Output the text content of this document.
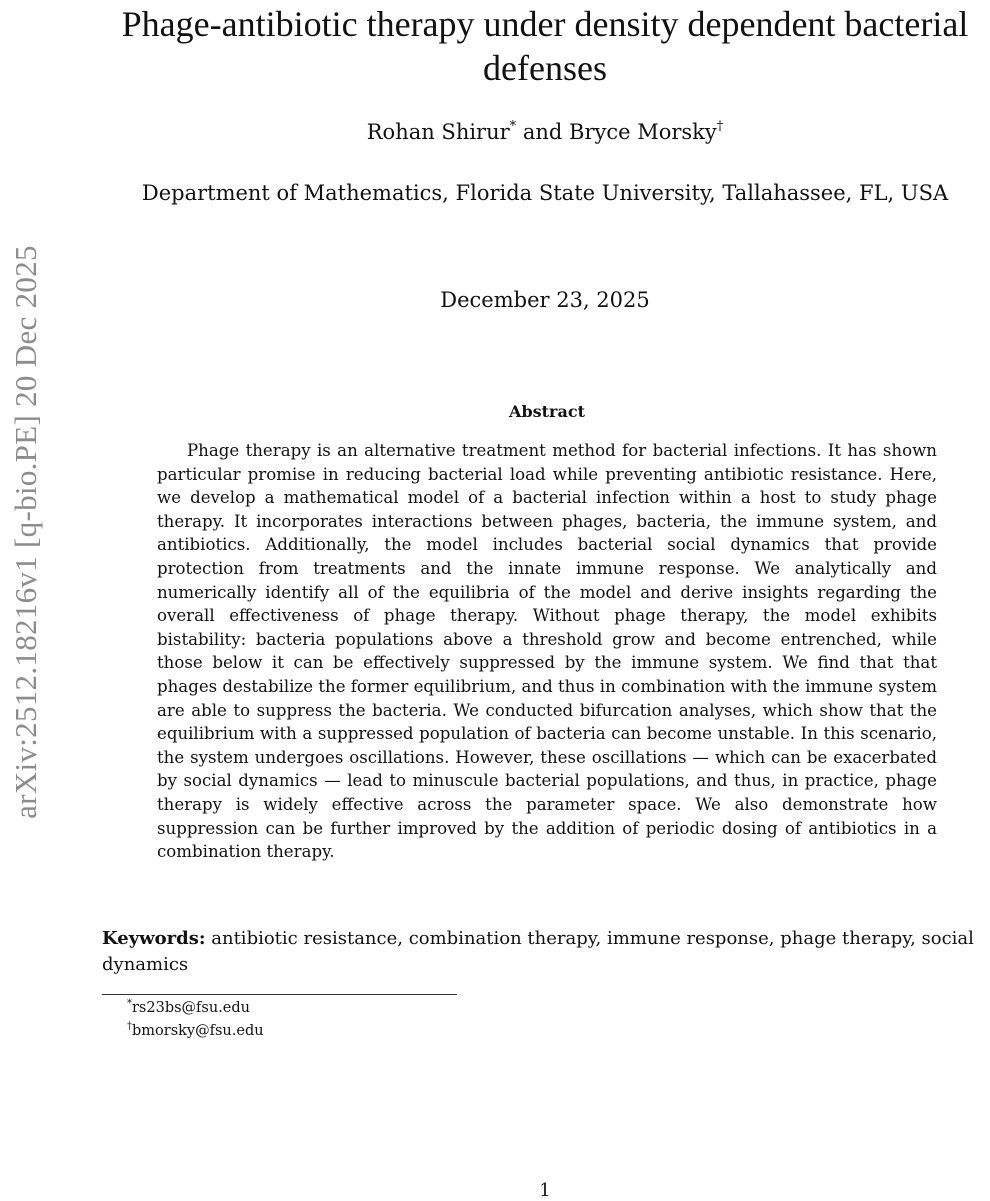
arXiv:2512.18216v1 [q-bio.PE] 20 Dec 2025
Phage-antibiotic therapy under density dependent bacterial defenses
Rohan Shirur* and Bryce Morsky†
Department of Mathematics, Florida State University, Tallahassee, FL, USA
December 23, 2025
Abstract

Phage therapy is an alternative treatment method for bacterial infections. It has shown particular promise in reducing bacterial load while preventing antibiotic resistance. Here, we develop a mathematical model of a bacterial infection within a host to study phage therapy. It incorporates interactions between phages, bacteria, the immune system, and antibiotics. Additionally, the model includes bacterial social dynamics that provide protection from treatments and the innate immune response. We analytically and numerically identify all of the equilibria of the model and derive insights regarding the overall effectiveness of phage therapy. Without phage therapy, the model exhibits bistability: bacteria populations above a threshold grow and become entrenched, while those below it can be effectively suppressed by the immune system. We find that that phages destabilize the former equilibrium, and thus in combination with the immune system are able to suppress the bacteria. We conducted bifurcation analyses, which show that the equilibrium with a suppressed population of bacteria can become unstable. In this scenario, the system undergoes oscillations. However, these oscillations — which can be exacerbated by social dynamics — lead to minuscule bacterial populations, and thus, in practice, phage therapy is widely effective across the parameter space. We also demonstrate how suppression can be further improved by the addition of periodic dosing of antibiotics in a combination therapy.

Keywords: antibiotic resistance, combination therapy, immune response, phage therapy, social dynamics

*rs23bs@fsu.edu
†bmorsky@fsu.edu
1
